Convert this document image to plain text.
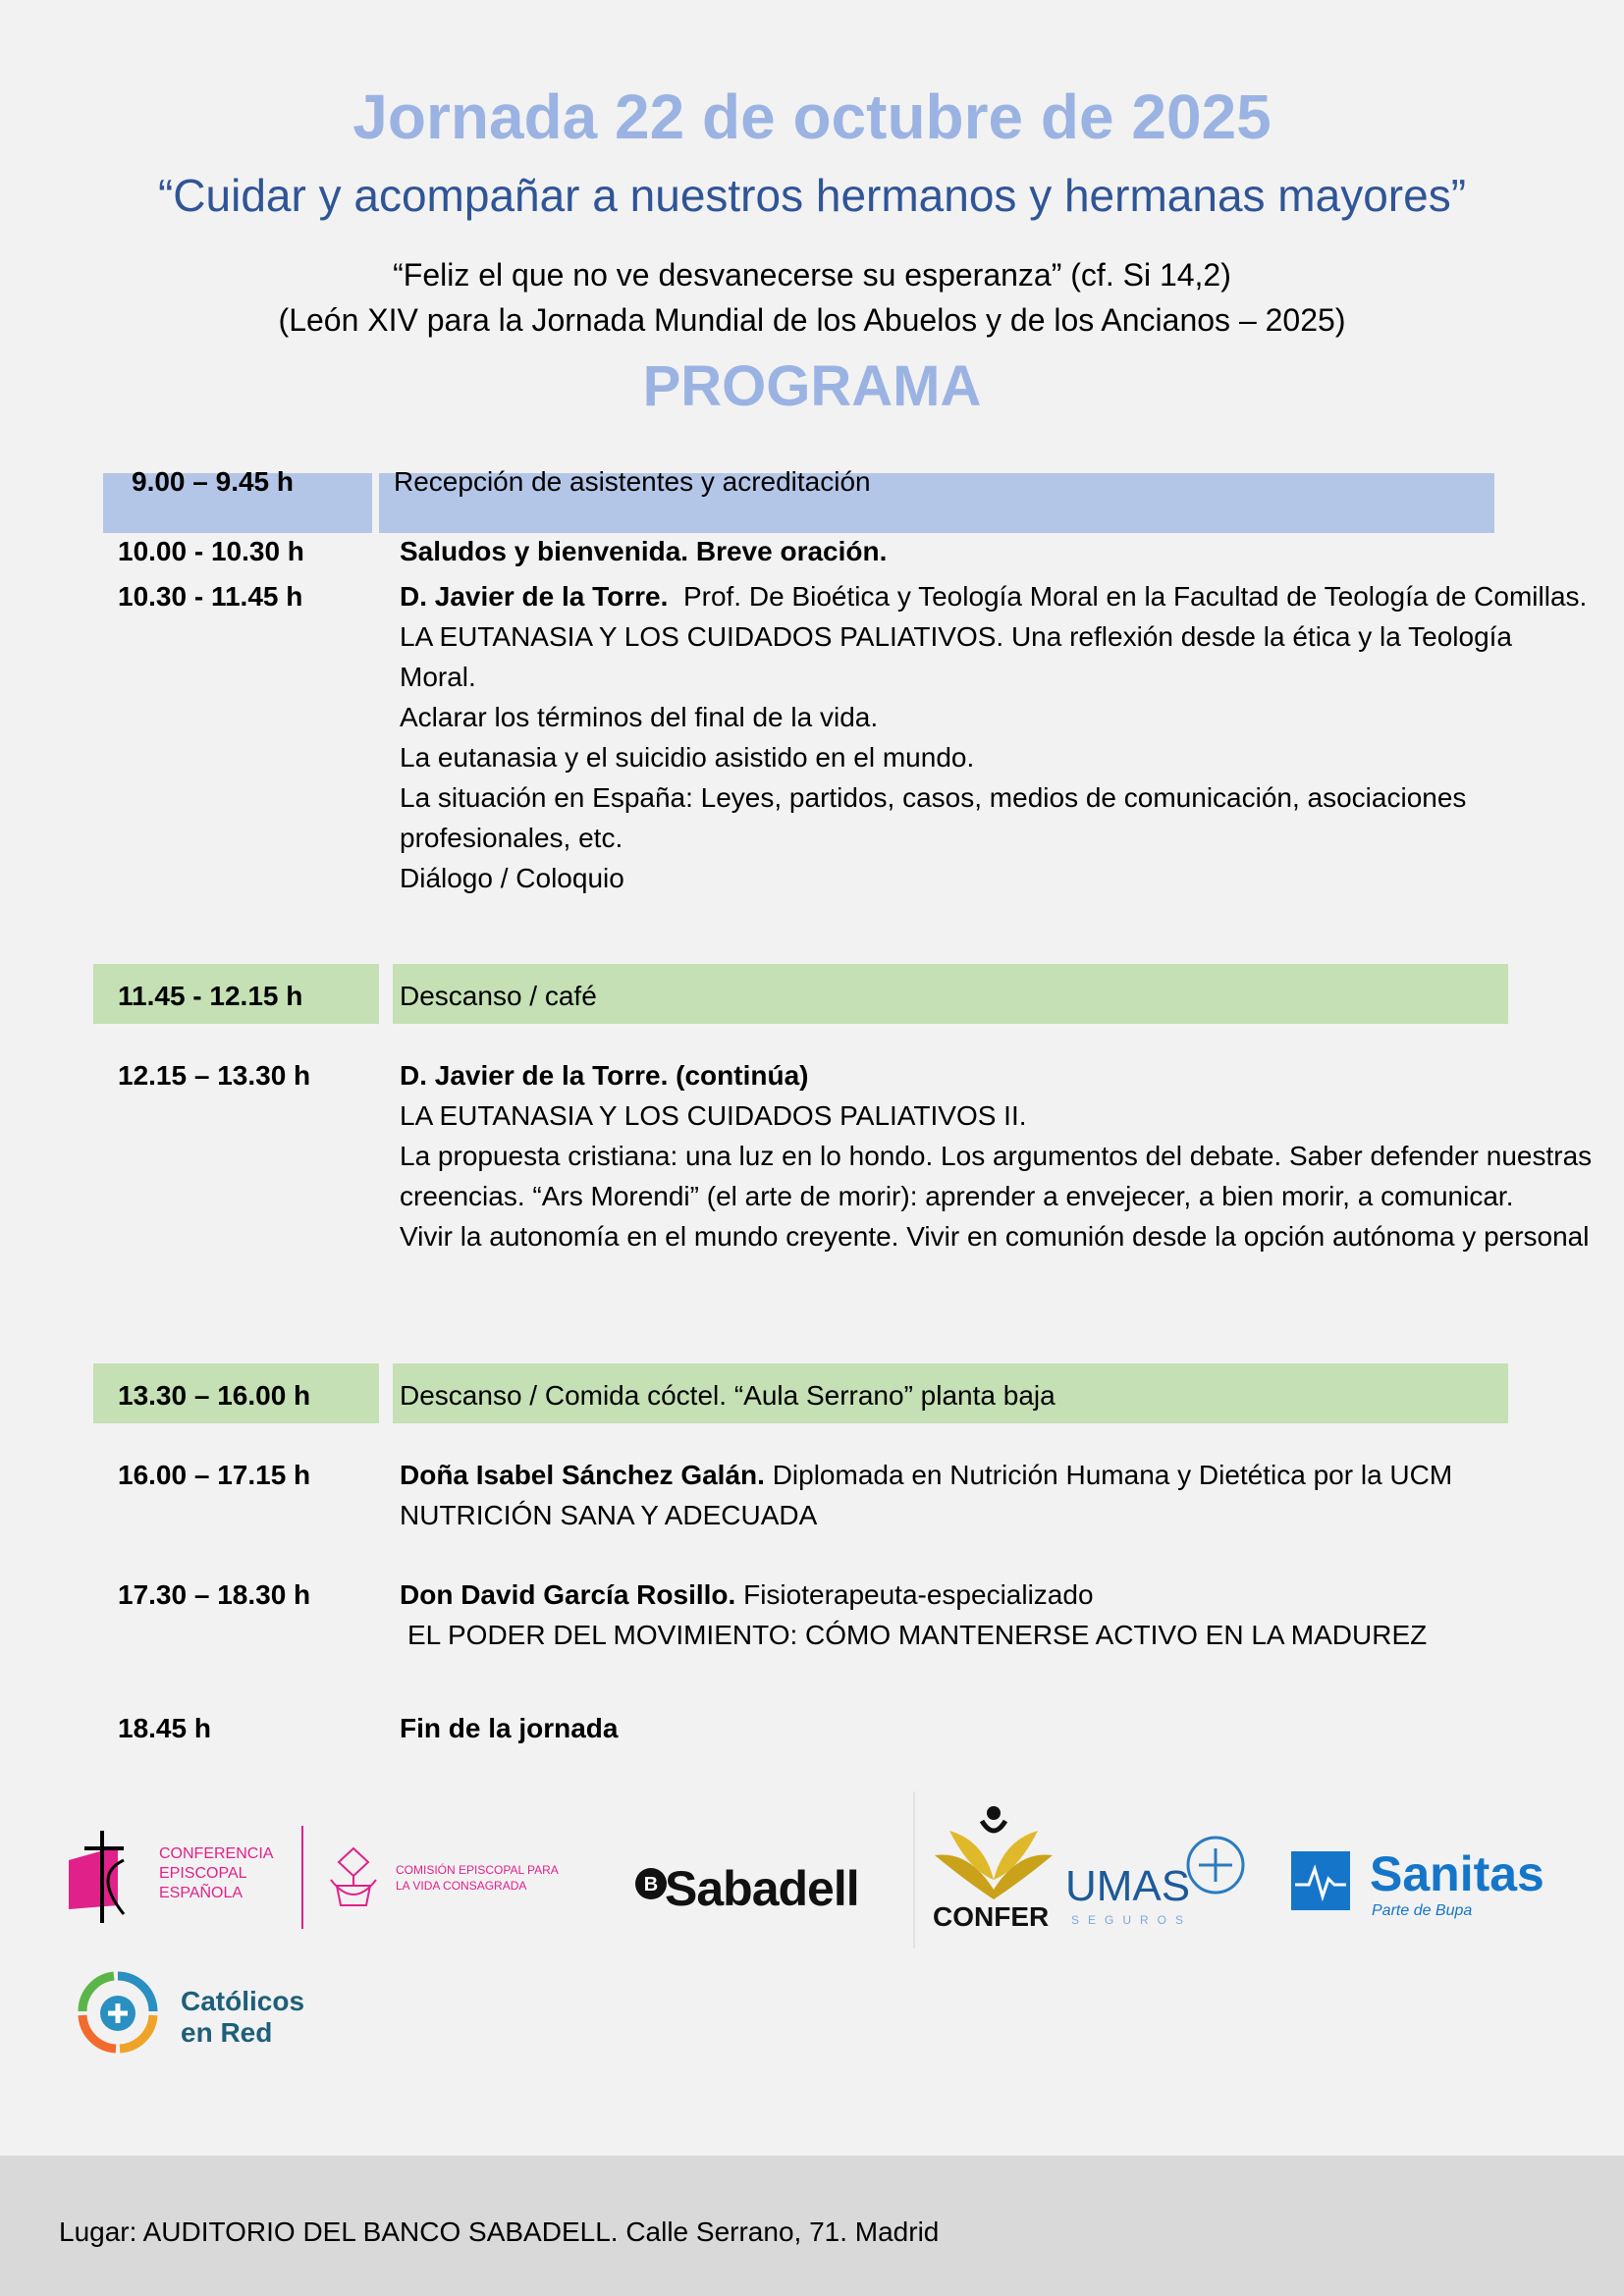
Jornada 22 de octubre de 2025
“Cuidar y acompañar a nuestros hermanos y hermanas mayores”
“Feliz el que no ve desvanecerse su esperanza” (cf. Si 14,2)
(León XIV para la Jornada Mundial de los Abuelos y de los Ancianos – 2025)
PROGRAMA
9.00 – 9.45 h	Recepción de asistentes y acreditación

10.00 - 10.30 h	Saludos y bienvenida. Breve oración.

10.30 - 11.45 h	D. Javier de la Torre. Prof. De Bioética y Teología Moral en la Facultad de Teología de Comillas.

LA EUTANASIA Y LOS CUIDADOS PALIATIVOS. Una reflexión desde la ética y la Teología Moral.

Aclarar los términos del final de la vida.

La eutanasia y el suicidio asistido en el mundo.

La situación en España: Leyes, partidos, casos, medios de comunicación, asociaciones profesionales, etc.

Diálogo / Coloquio

11.45 - 12.15 h	Descanso / café

12.15 – 13.30 h	D. Javier de la Torre. (continúa)

LA EUTANASIA Y LOS CUIDADOS PALIATIVOS II.

La propuesta cristiana: una luz en lo hondo. Los argumentos del debate. Saber defender nuestras creencias. “Ars Morendi” (el arte de morir): aprender a envejecer, a bien morir, a comunicar.

Vivir la autonomía en el mundo creyente. Vivir en comunión desde la opción autónoma y personal

13.30 – 16.00 h	Descanso / Comida cóctel. “Aula Serrano” planta baja

16.00 – 17.15 h	Doña Isabel Sánchez Galán. Diplomada en Nutrición Humana y Dietética por la UCM

NUTRICIÓN SANA Y ADECUADA

17.30 – 18.30 h	Don David García Rosillo. Fisioterapeuta-especializado

EL PODER DEL MOVIMIENTO: CÓMO MANTENERSE ACTIVO EN LA MADUREZ

18.45 h	Fin de la jornada

CONFERENCIA
EPISCOPAL
ESPAÑOLA
COMISIÓN EPISCOPAL PARA
LA VIDA CONSAGRADA	B Sabadell
CONFER
UMAS
SEGUROS
Sanitas
Parte de Bupa
Católicos
en Red
Lugar: AUDITORIO DEL BANCO SABADELL. Calle Serrano, 71. Madrid
